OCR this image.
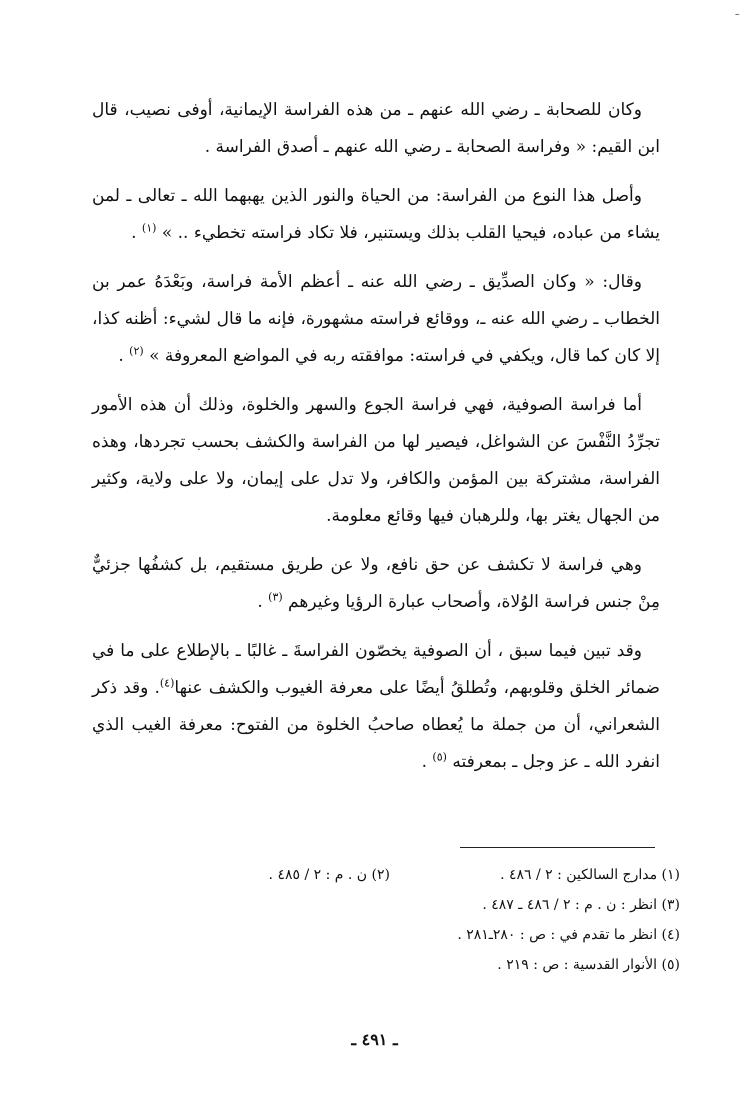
ـ

وكان للصحابة ـ رضي الله عنهم ـ من هذه الفراسة الإيمانية، أوفى نصيب، قال ابن القيم: « وفراسة الصحابة ـ رضي الله عنهم ـ أصدق الفراسة .

وأصل هذا النوع من الفراسة: من الحياة والنور الذين يهبهما الله ـ تعالى ـ لمن يشاء من عباده، فيحيا القلب بذلك ويستنير، فلا تكاد فراسته تخطيء .. » $^{(١)}$ .

وقال: « وكان الصدِّيق ـ رضي الله عنه ـ أعظم الأمة فراسة، وبَعْدَهُ عمر بن الخطاب ـ رضي الله عنه ـ، ووقائع فراسته مشهورة، فإنه ما قال لشيء: أظنه كذا، إلا كان كما قال، ويكفي في فراسته: موافقته ربه في المواضع المعروفة » $^{(٢)}$ .

أما فراسة الصوفية، فهي فراسة الجوع والسهر والخلوة، وذلك أن هذه الأمور تجرِّدُ النَّفْسَ عن الشواغل، فيصير لها من الفراسة والكشف بحسب تجردها، وهذه الفراسة، مشتركة بين المؤمن والكافر، ولا تدل على إيمان، ولا على ولاية، وكثير من الجهال يغتر بها، وللرهبان فيها وقائع معلومة.

وهي فراسة لا تكشف عن حق نافع، ولا عن طريق مستقيم، بل كشفُها جزئيٌّ مِنْ جنس فراسة الوُلاة، وأصحاب عبارة الرؤيا وغيرهم $^{(٣)}$ .

وقد تبين فيما سبق ، أن الصوفية يخصّون الفراسةَ ـ غالبًا ـ بالإطلاع على ما في ضمائر الخلق وقلوبهم، وتُطلقُ أيضًا على معرفة الغيوب والكشف عنها$^{(٤)}$. وقد ذكر الشعراني، أن من جملة ما يُعطاه صاحبُ الخلوة من الفتوح: معرفة الغيب الذي انفرد الله ـ عز وجل ـ بمعرفته $^{(٥)}$ .

(١) مدارج السالكين : ٢ / ٤٨٦ .
(٢) ن . م : ٢ / ٤٨٥ .
(٣) انظر : ن . م : ٢ / ٤٨٦ ـ ٤٨٧ .
(٤) انظر ما تقدم في : ص : ٢٨٠ـ٢٨١ .
(٥) الأنوار القدسية : ص : ٢١٩ .
ـ ٤٩١ ـ
